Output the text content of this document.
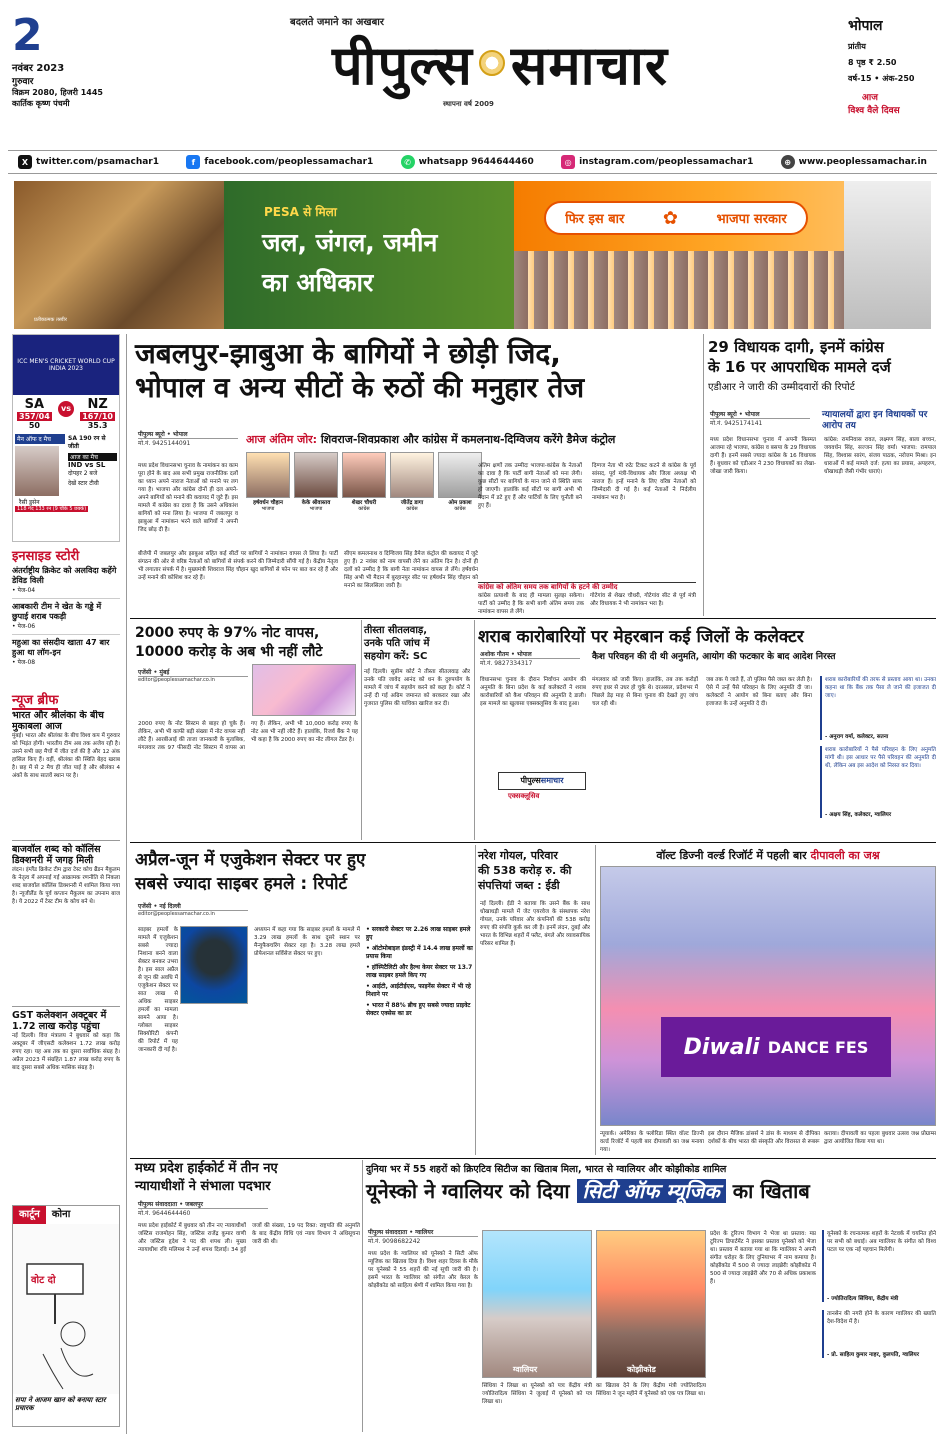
2
नवंबर 2023
गुरुवार
विक्रम 2080, हिजरी 1445
कार्तिक कृष्ण पंचमी
बदलते जमाने का अखबार
पीपुल्स समाचार
स्थापना वर्ष 2009
भोपाल
प्रांतीय
8 पृष्ठ ₹ 2.50
वर्ष-15 • अंक-250
आज
विश्व वैले दिवस
X twitter.com/psamachar1	f	facebook.com/peoplessamachar1	✆ whatsapp 9644644460	◎ instagram.com/peoplessamachar1	⊕ www.peoplessamachar.in
प्रतीकात्मक तस्वीर
PESA से मिला
जल, जंगल, जमीन
का अधिकार
फिर इस बार ✿	भाजपा सरकार
ICC MEN'S CRICKET WORLD CUP INDIA 2023
SA
357/04
50
vs	NZ
167/10
35.3
मैन ऑफ द मैच	SA 190 रन से जीती
आज का मैच
IND vs SL
दोपहर 2 बजे
देखें स्टार टीवी
रैसी डुसेन
118 गेंद 133 रन (9 चौके 5 छक्के)
इनसाइड स्टोरी
अंतर्राष्ट्रीय क्रिकेट को अलविदा कहेंगे डेविड विली
• पेज-04
आबकारी टीम ने खेत के गड्ढे में छुपाई शराब पकड़ी
• पेज-06
महुआ का संसदीय खाता 47 बार हुआ था लॉग-इन
• पेज-08
न्यूज ब्रीफ
भारत और श्रीलंका के बीच मुकाबला आज
मुंबई। भारत और श्रीलंका के बीच विश्व कप में गुरुवार को भिड़ंत होगी। भारतीय टीम अब तक अजेय रही है। उसने सभी छह मैचों में जीत दर्ज की है और 12 अंक हासिल किए हैं। वहीं, श्रीलंका की स्थिति बेहद खराब है। छह में से 2 मैच ही जीत पाई है और श्रीलंका 4 अंकों के साथ सातवें स्थान पर है।
बाजवॉल शब्द को कॉलिंस डिक्शनरी में जगह मिली
लंदन। इंग्लैंड क्रिकेट टीम द्वारा टेस्ट कोच ब्रैंडन मैकुलम के नेतृत्व में अपनाई गई आक्रामक रणनीति से निकला शब्द बाजवॉल कॉलिंस डिक्शनरी में शामिल किया गया है। न्यूजीलैंड के पूर्व कप्तान मैकुलम का उपनाम बाज है। ये 2022 में टेस्ट टीम के कोच बने थे।
GST कलेक्शन अक्टूबर में 1.72 लाख करोड़ पहुंचा
नई दिल्ली। वित्त मंत्रालय ने बुधवार को कहा कि अक्टूबर में जीएसटी कलेक्शन 1.72 लाख करोड़ रुपए रहा। यह अब तक का दूसरा सर्वाधिक संग्रह है। अप्रैल 2023 में संग्रहित 1.87 लाख करोड़ रुपए के बाद दूसरा सबसे अधिक मासिक संग्रह है।
कार्टून	कोना
वोट दो
सपा ने आजम खान को बनाया स्टार प्रचारक
जबलपुर-झाबुआ के बागियों ने छोड़ी जिद,
भोपाल व अन्य सीटों के रुठों की मनुहार तेज
पीपुल्स ब्यूरो • भोपाल
मो.नं. 9425144091	आज अंतिम जोर: शिवराज-शिवप्रकाश और कांग्रेस में कमलनाथ-दिग्विजय करेंगे डैमेज कंट्रोल
हर्षवर्धन चौहान
भाजपा
केके श्रीवास्तव
भाजपा
शेखर चौधरी
कांग्रेस
जीतेंद्र डागा
कांग्रेस
ओम प्रकाश
कांग्रेस
मध्य प्रदेश विधानसभा चुनाव के नामांकन का काम पूरा होने के बाद अब सभी प्रमुख राजनीतिक दलों का ध्यान अपने नाराज नेताओं को मनाने पर लग गया है। भाजपा और कांग्रेस दोनों ही दल अपने-अपने बागियों को मनाने की कवायद में जुटे हैं। इस मामले में कांग्रेस का दावा है कि उसने अधिकांश बागियों को मना लिया है। भाजपा में जबलपुर व झाबुआ में नामांकन भरने वाले बागियों ने अपनी जिद छोड़ दी है।
बीजेपी में जबलपुर और झाबुआ सहित कई सीटों पर बागियों ने नामांकन वापस ले लिया है। पार्टी संगठन की ओर से वरिष्ठ नेताओं को बागियों से संपर्क करने की जिम्मेदारी सौंपी गई है। केंद्रीय नेतृत्व भी लगातार संपर्क में है। मुख्यमंत्री शिवराज सिंह चौहान खुद बागियों से फोन पर बात कर रहे हैं और उन्हें मनाने की कोशिश कर रहे हैं।
सीएम कमलनाथ व दिग्विजय सिंह डैमेज कंट्रोल की कवायद में जुटे हुए हैं। 2 नवंबर को नाम वापसी लेने का अंतिम दिन है। दोनों ही दलों को उम्मीद है कि बागी नेता नामांकन वापस ले लेंगे। हर्षवर्धन सिंह अभी भी मैदान में बुरहानपुर सीट पर हर्षवर्धन सिंह चौहान को मनाने का सिलसिला जारी है।
अंतिम क्षणों तक उम्मीदः भाजपा-कांग्रेस के नेताओं का दावा है कि पार्टी बागी नेताओं को मना लेगी। कुछ सीटों पर बागियों के मान जाने से स्थिति साफ हो जाएगी। हालांकि कई सीटों पर बागी अभी भी मैदान में डटे हुए हैं और पार्टियों के लिए चुनौती बने हुए हैं।
दिग्गज नेता भी रुठेः टिकट कटने से कांग्रेस के पूर्व सांसद, पूर्व मंत्री-विधायक और जिला अध्यक्ष भी नाराज हैं। इन्हें मनाने के लिए वरिष्ठ नेताओं को जिम्मेदारी दी गई है। कई नेताओं ने निर्दलीय नामांकन भरा है।
कांग्रेस को अंतिम समय तक बागियों के हटने की उम्मीद
कांग्रेस प्रत्याशी के बाद ही मामला सुलझ सकेगा। पार्टी को उम्मीद है कि सभी बागी अंतिम समय तक नामांकन वापस ले लेंगे।
गोटेगांव से शेखर चौधरी, गोटेगांव सीट से पूर्व मंत्री और विधायक ने भी नामांकन भरा है।
29 विधायक दागी, इनमें कांग्रेस
के 16 पर आपराधिक मामले दर्ज
एडीआर ने जारी की उम्मीदवारों की रिपोर्ट
पीपुल्स ब्यूरो • भोपाल
मो.नं. 9425174141
न्यायालयों द्वारा इन विधायकों पर आरोप तय
मध्य प्रदेश विधानसभा चुनाव में अपनी किस्मत आजमा रहे भाजपा, कांग्रेस व बसपा के 29 विधायक दागी हैं। इनमें सबसे ज्यादा कांग्रेस के 16 विधायक हैं। बुधवार को एडीआर ने 230 विधायकों का लेखा-जोखा जारी किया।
कांग्रेस: रामनिवास रावत, लक्ष्मण सिंह, बाला बच्चन, जयवर्धन सिंह, सज्जन सिंह वर्मा। भाजपा: रामपाल सिंह, विश्वास सारंग, संजय पाठक, नरोत्तम मिश्रा। इन धाराओं में कई मामले दर्ज: हत्या का प्रयास, अपहरण, धोखाधड़ी जैसी गंभीर धाराएं।
2000 रुपए के 97% नोट वापस,
10000 करोड़ के अब भी नहीं लौटे
एजेंसी • मुंबई
editor@peoplessamachar.co.in
2000 रुपए के नोट सिस्टम से बाहर हो चुके हैं। लेकिन, अभी भी काफी बड़ी संख्या में नोट वापस नहीं लौटे हैं। आरबीआई की ताजा जानकारी के मुताबिक, मंगलवार तक 97 फीसदी नोट सिस्टम में वापस आ गए हैं। लेकिन, अभी भी 10,000 करोड़ रुपए के नोट अब भी नहीं लौटे हैं। हालांकि, रिजर्व बैंक ने यह भी कहा है कि 2000 रुपए का नोट लीगल टेंडर है।
तीस्ता सीतलवाड़,
उनके पति जांच में
सहयोग करें: SC
नई दिल्ली। सुप्रीम कोर्ट ने तीस्ता सीतलवाड़ और उनके पति जावेद आनंद को धन के दुरुपयोग के मामले में जांच में सहयोग करने को कहा है। कोर्ट ने उन्हें दी गई अग्रिम जमानत को बरकरार रखा और गुजरात पुलिस की याचिका खारिज कर दी।
शराब कारोबारियों पर मेहरबान कई जिलों के कलेक्टर
अशोक गौतम • भोपाल
मो.नं. 9827334317
कैश परिवहन की दी थी अनुमति, आयोग की फटकार के बाद आदेश निरस्त
विधानसभा चुनाव के दौरान निर्वाचन आयोग की अनुमति के बिना प्रदेश के कई कलेक्टरों ने शराब कारोबारियों को कैश परिवहन की अनुमति दे डाली। इस मामले का खुलासा एक्सक्लूसिव के बाद हुआ।
पीपुल्ससमाचार
एक्सक्लूसिव
मंगलवार को जारी किए। हालांकि, तब तक करोड़ों रुपए इधर से उधर हो चुके थे। दरअसल, प्रदेशभर में पिछले डेढ़ माह से बिना चुनाव की देखते हुए जांच चल रही थी।
जब तक ये जाते हैं, तो पुलिस पैसे जब्त कर लेती है। ऐसे में उन्हें पैसे परिवहन के लिए अनुमति दी जा। कलेक्टरों ने आयोग को बिना बताए और बिना इजाजत के उन्हें अनुमति दे दी।
शराब कारोबारियों की तरफ से प्रस्ताव आया था। उनका कहना था कि बैंक तक पैसा ले जाने की इजाजत दी जाए।
- अनुराग वर्मा, कलेक्टर, सतना
शराब कारोबारियों ने पैसे परिवहन के लिए अनुमति मांगी थी। इस आधार पर पैसे परिवहन की अनुमति दी थी, लेकिन अब इस आदेश को निरस्त कर दिया।
- अक्षय सिंह, कलेक्टर, ग्वालियर
अप्रैल-जून में एजुकेशन सेक्टर पर हुए
सबसे ज्यादा साइबर हमले : रिपोर्ट
एजेंसी • नई दिल्ली
editor@peoplessamachar.co.in
साइबर हमलों के मामले में एजुकेशन सबसे ज्यादा निशाना बनने वाला सेक्टर बनकर उभरा है। इस साल अप्रैल से जून की अवधि में एजुकेशन सेक्टर पर सात लाख से अधिक साइबर हमलों का मामला सामने आया है। ग्लोबल साइबर सिक्योरिटी कंपनी की रिपोर्ट में यह जानकारी दी गई है।
अध्ययन में कहा गया कि साइबर हमलों के मामले में 3.29 लाख हमलों के साथ दूसरे स्थान पर मैन्युफैक्चरिंग सेक्टर रहा है। 3.28 लाख हमले प्रोफेशनल सर्विसेज सेक्टर पर हुए।
• सरकारी सेक्टर पर 2.26 लाख साइबर हमले हुए
• ऑटोमोबाइल इंडस्ट्री में 14.4 लाख हमलों का प्रयास किया
• हॉस्पिटैलिटी और हैल्थ केयर सेक्टर पर 13.7 लाख साइबर हमले किए गए
• आईटी, आईटीईएस, फाइनेंस सेक्टर में भी रहे निशाने पर
• भारत में 88% ब्रीच हुए सबसे ज्यादा प्राइवेट सेक्टर एक्सेस का डर
नरेश गोयल, परिवार
की 538 करोड़ रु. की
संपत्तियां जब्त : ईडी
नई दिल्ली। ईडी ने बताया कि उसने बैंक के साथ धोखाधड़ी मामले में जेट एयरवेज के संस्थापक नरेश गोयल, उनके परिवार और कंपनियों की 538 करोड़ रुपए की संपत्ति कुर्क कर ली है। इनमें लंदन, दुबई और भारत के विभिन्न शहरों में फ्लैट, बंगले और व्यावसायिक परिसर शामिल हैं।
वॉल्ट डिज्नी वर्ल्ड रिजॉर्ट में पहली बार दीपावली का जश्न
Diwali DANCE FES
न्यूयार्क। अमेरिका के फ्लोरिडा स्थित वॉल्ट डिज्नी वर्ल्ड रिजॉर्ट में पहली बार दीपावली का जश्न मनाया गया।
इस दौरान मैजिक डांसर्स ने डांस के माध्यम से दीपिका दर्शकों के बीच भारत की संस्कृति और विरासत से रूबरू
कराया। दीपावली का पहला बुधवार उत्सव जश्न प्रोग्राम्स द्वारा आयोजित किया गया था।
मध्य प्रदेश हाईकोर्ट में तीन नए
न्यायाधीशों ने संभाला पदभार
पीपुल्स संवाददाता • जबलपुर
मो.नं. 9644644460
मध्य प्रदेश हाईकोर्ट में बुधवार को तीन नए न्यायाधीशों जस्टिस राजमोहन सिंह, जस्टिस राजेंद्र कुमार वाणी और जस्टिस हृदेश ने पद की शपथ ली। मुख्य न्यायाधीश रवि मलिमथ ने उन्हें शपथ दिलाई। 34 हुई जजों की संख्या, 19 पद रिक्त: राष्ट्रपति की अनुमति के बाद केंद्रीय विधि एवं न्याय विभाग ने अधिसूचना जारी की थी।
दुनिया भर में 55 शहरों को क्रिएटिव सिटीज का खिताब मिला, भारत से ग्वालियर और कोझीकोड शामिल
यूनेस्को ने ग्वालियर को दिया सिटी ऑफ म्यूजिक का खिताब
पीपुल्स संवाददाता • ग्वालियर
मो.नं. 9098682242
मध्य प्रदेश के ग्वालियर को यूनेस्को ने सिटी ऑफ म्यूजिक का खिताब दिया है। विश्व शहर दिवस के मौके पर यूनेस्को ने 55 शहरों की नई सूची जारी की है। इसमें भारत के ग्वालियर को संगीत और केरल के कोझीकोड को साहित्य श्रेणी में शामिल किया गया है।
ग्वालियर	कोझीकोड
सिंधिया ने लिखा था यूनेस्को को पत्रः केंद्रीय मंत्री ज्योतिरादित्य सिंधिया ने जुलाई में यूनेस्को को पत्र लिखा था।
का खिताब देने के लिए केंद्रीय मंत्री ज्योतिरादित्य सिंधिया ने जून महीने में यूनेस्को को एक पत्र लिखा था।
प्रदेश के टूरिज्म विभाग ने भेजा था प्रस्ताव: मप्र टूरिज्म डिपार्टमेंट ने इसका प्रस्ताव यूनेस्को को भेजा था। प्रस्ताव में बताया गया था कि ग्वालियर ने अपनी संगीत धरोहर के लिए दुनियाभर में नाम कमाया है। कोझीकोड में 500 से ज्यादा लाइब्रेरीः कोझीकोड में 500 से ज्यादा लाइब्रेरी और 70 से अधिक प्रकाशक हैं।
यूनेस्को के रचनात्मक शहरों के नेटवर्क में चयनित होने पर सभी को बधाई। अब ग्वालियर के संगीत को विश्व पटल पर एक नई पहचान मिलेगी।
- ज्योतिरादित्य सिंधिया, केंद्रीय मंत्री
तानसेन की नगरी होने के कारण ग्वालियर की ख्याति देश-विदेश में है।
- प्रो. साहित्य कुमार नाहर, कुलपति, ग्वालियर
